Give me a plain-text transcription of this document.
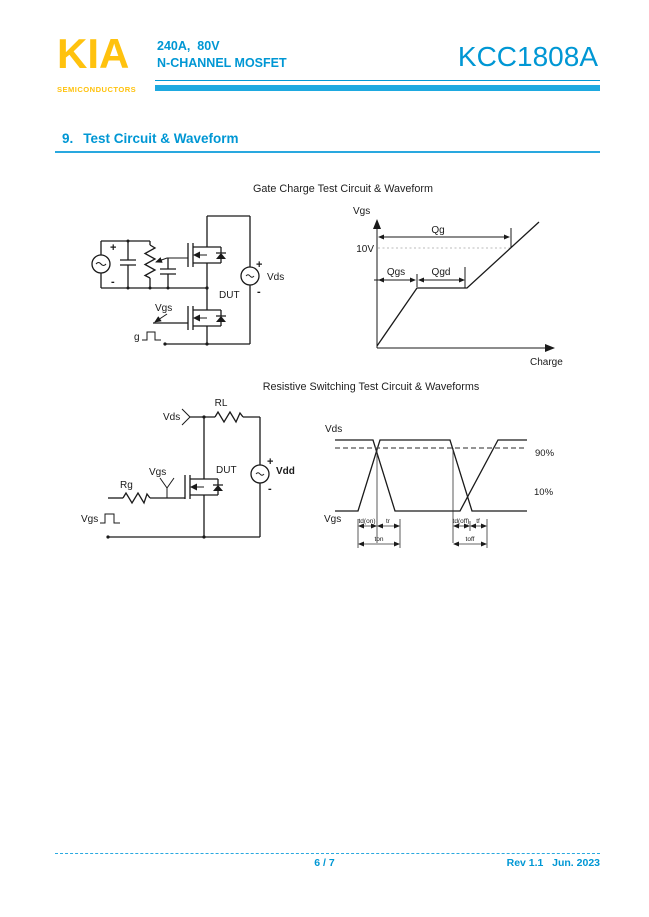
KIA
SEMICONDUCTORS
240A,  80V
N-CHANNEL MOSFET	KCC1808A
9. Test Circuit & Waveform
Gate Charge Test Circuit & Waveform
+
-
+
Vds
-
DUT
Vgs
g
Vgs
10V
Qg
Qgs	Qgd
Charge
Resistive Switching Test Circuit & Waveforms
Vds
RL
+
Vdd
-
DUT
Rg
Vgs
Vgs
Vds
Vgs
90%
10%
td(on) tr
ton
td(off) tf
toff
6 / 7	Rev 1.1   Jun. 2023
